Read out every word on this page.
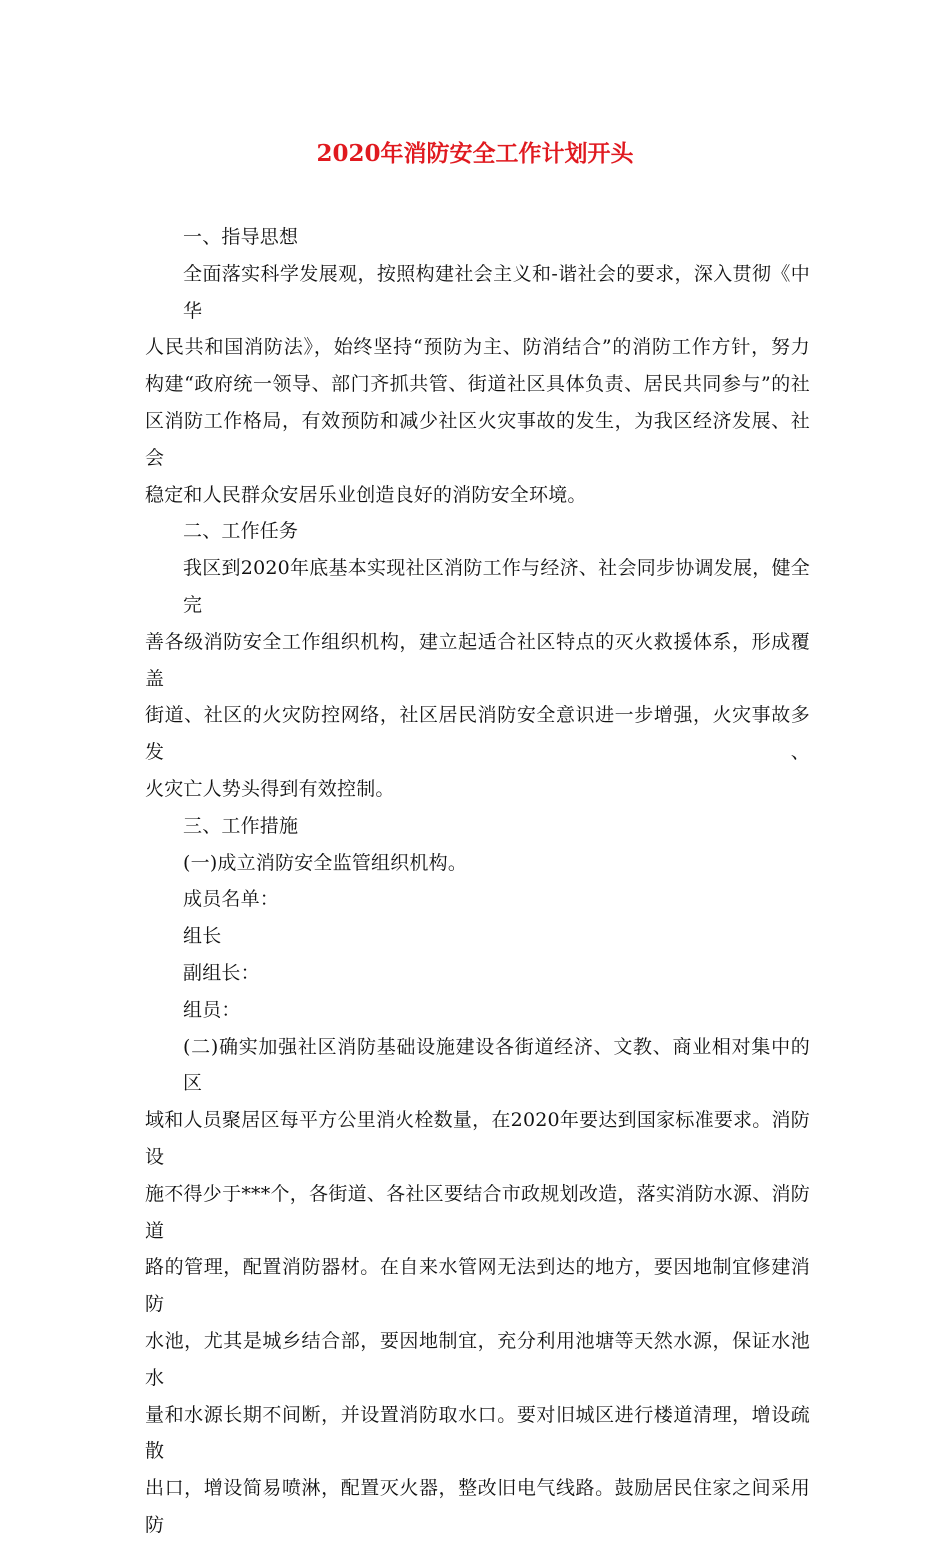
2020年消防安全工作计划开头

一、指导思想

全面落实科学发展观，按照构建社会主义和-谐社会的要求，深入贯彻《中华
人民共和国消防法》，始终坚持“预防为主、防消结合”的消防工作方针，努力
构建“政府统一领导、部门齐抓共管、街道社区具体负责、居民共同参与”的社
区消防工作格局，有效预防和减少社区火灾事故的发生，为我区经济发展、社会
稳定和人民群众安居乐业创造良好的消防安全环境。

二、工作任务

我区到2020年底基本实现社区消防工作与经济、社会同步协调发展，健全完
善各级消防安全工作组织机构，建立起适合社区特点的灭火救援体系，形成覆盖
街道、社区的火灾防控网络，社区居民消防安全意识进一步增强，火灾事故多发、
火灾亡人势头得到有效控制。

三、工作措施

(一)成立消防安全监管组织机构。

成员名单：

组长

副组长：

组员：

(二)确实加强社区消防基础设施建设各街道经济、文教、商业相对集中的区
域和人员聚居区每平方公里消火栓数量，在2020年要达到国家标准要求。消防设
施不得少于***个，各街道、各社区要结合市政规划改造，落实消防水源、消防道
路的管理，配置消防器材。在自来水管网无法到达的地方，要因地制宜修建消防
水池，尤其是城乡结合部，要因地制宜，充分利用池塘等天然水源，保证水池水
量和水源长期不间断，并设置消防取水口。要对旧城区进行楼道清理，增设疏散
出口，增设简易喷淋，配置灭火器，整改旧电气线路。鼓励居民住家之间采用防
